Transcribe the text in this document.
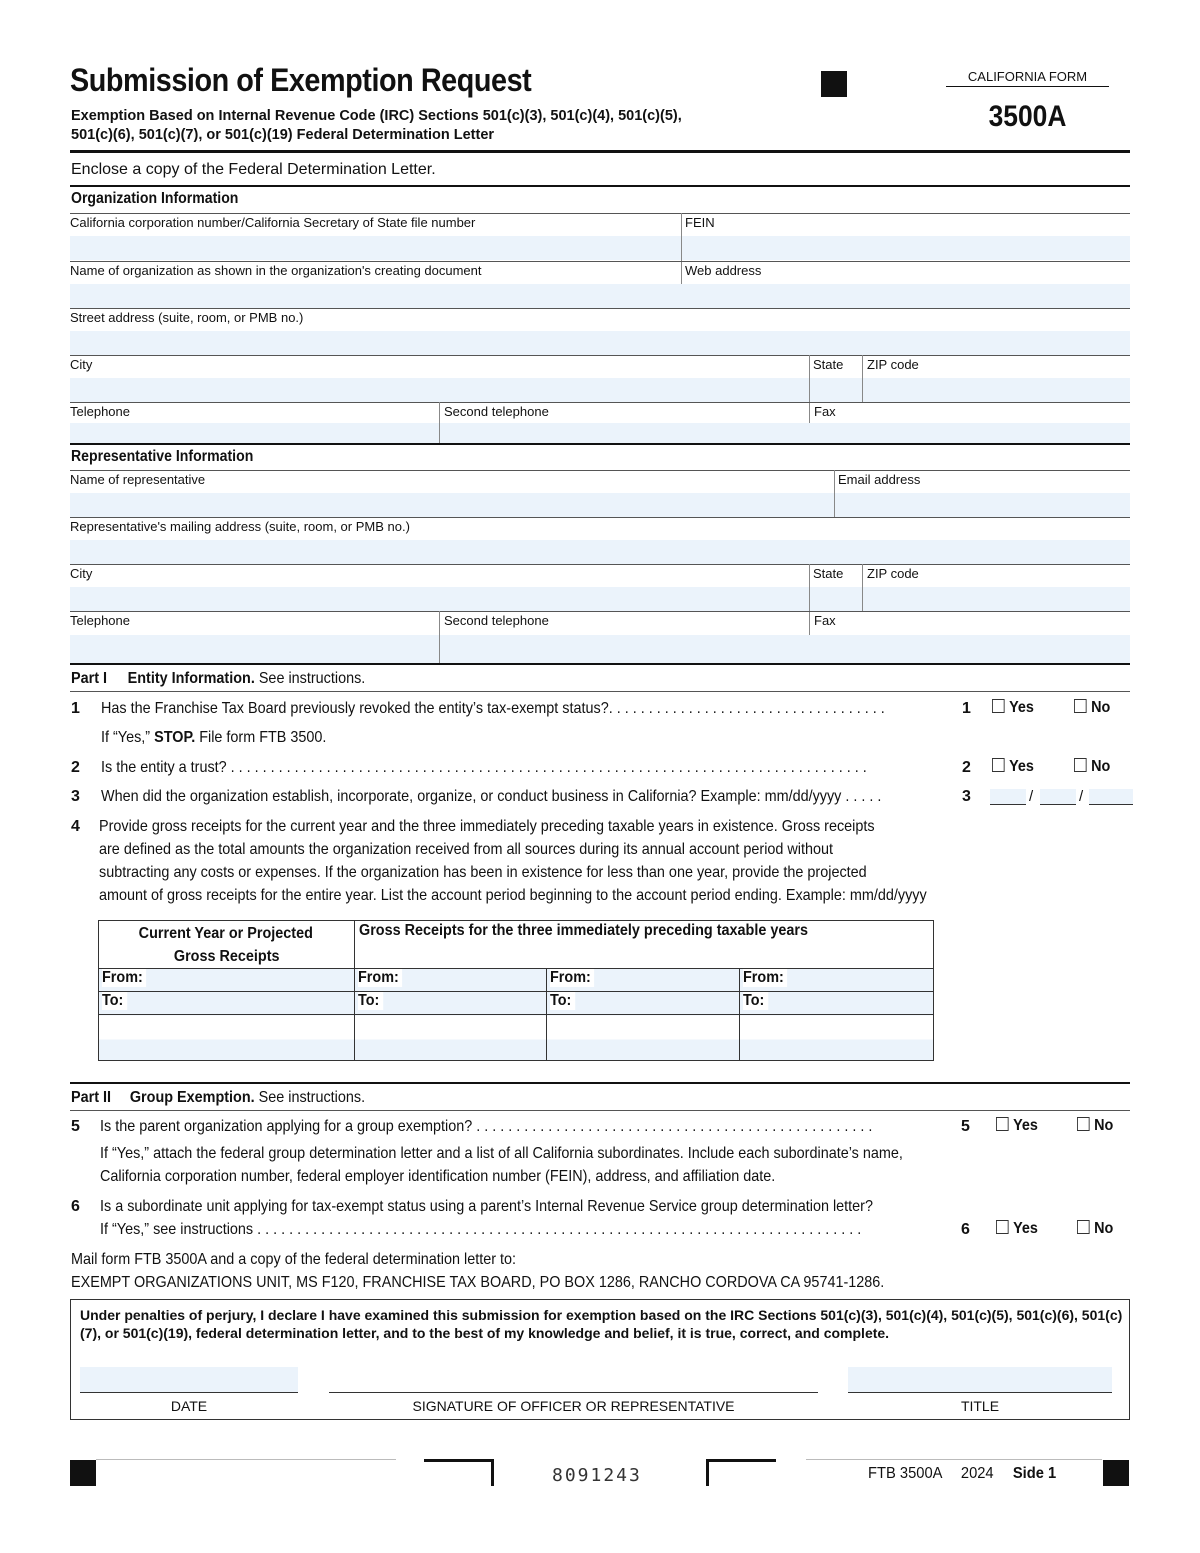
Submission of Exemption Request
Exemption Based on Internal Revenue Code (IRC) Sections 501(c)(3), 501(c)(4), 501(c)(5),
501(c)(6), 501(c)(7), or 501(c)(19) Federal Determination Letter
CALIFORNIA FORM
3500A
Enclose a copy of the Federal Determination Letter.
Organization Information
California corporation number/California Secretary of State file number	FEIN
Name of organization as shown in the organization's creating document	Web address
Street address (suite, room, or PMB no.)
City	State ZIP code
Telephone	Second telephone	Fax
Representative Information
Name of representative	Email address
Representative's mailing address (suite, room, or PMB no.)
City	State ZIP code
Telephone	Second telephone	Fax
Part I Entity Information. See instructions.
1 Has the Franchise Tax Board previously revoked the entity’s tax-exempt status?. . . . . . . . . . . . . . . . . . . . . . . . . . . . . . . . . . .	1	Yes	No
If “Yes,” STOP. File form FTB 3500.
2 Is the entity a trust? . . . . . . . . . . . . . . . . . . . . . . . . . . . . . . . . . . . . . . . . . . . . . . . . . . . . . . . . . . . . . . . . . . . . . . . . . . . . . . . .	2	Yes	No
3 When did the organization establish, incorporate, organize, or conduct business in California? Example: mm/dd/yyyy . . . . .	3	/	/
4 Provide gross receipts for the current year and the three immediately preceding taxable years in existence. Gross receipts
are defined as the total amounts the organization received from all sources during its annual account period without
subtracting any costs or expenses. If the organization has been in existence for less than one year, provide the projected
amount of gross receipts for the entire year. List the account period beginning to the account period ending. Example: mm/dd/yyyy
Current Year or Projected
Gross Receipts	Gross Receipts for the three immediately preceding taxable years		
From:	From:	From:	From:
To:	To:	To:	To:

Part II Group Exemption. See instructions.
5 Is the parent organization applying for a group exemption? . . . . . . . . . . . . . . . . . . . . . . . . . . . . . . . . . . . . . . . . . . . . . . . . . .	5	Yes	No
If “Yes,” attach the federal group determination letter and a list of all California subordinates. Include each subordinate’s name,
California corporation number, federal employer identification number (FEIN), address, and affiliation date.
6 Is a subordinate unit applying for tax-exempt status using a parent’s Internal Revenue Service group determination letter?
If “Yes,” see instructions . . . . . . . . . . . . . . . . . . . . . . . . . . . . . . . . . . . . . . . . . . . . . . . . . . . . . . . . . . . . . . . . . . . . . . . . . . . .	6	Yes	No
Mail form FTB 3500A and a copy of the federal determination letter to:
EXEMPT ORGANIZATIONS UNIT, MS F120, FRANCHISE TAX BOARD, PO BOX 1286, RANCHO CORDOVA CA 95741-1286.
Under penalties of perjury, I declare I have examined this submission for exemption based on the IRC Sections 501(c)(3), 501(c)(4), 501(c)(5), 501(c)(6), 501(c)(7), or 501(c)(19), federal determination letter, and to the best of my knowledge and belief, it is true, correct, and complete.
DATE	SIGNATURE OF OFFICER OR REPRESENTATIVE	TITLE
8091243	FTB 3500A 2024 Side 1
